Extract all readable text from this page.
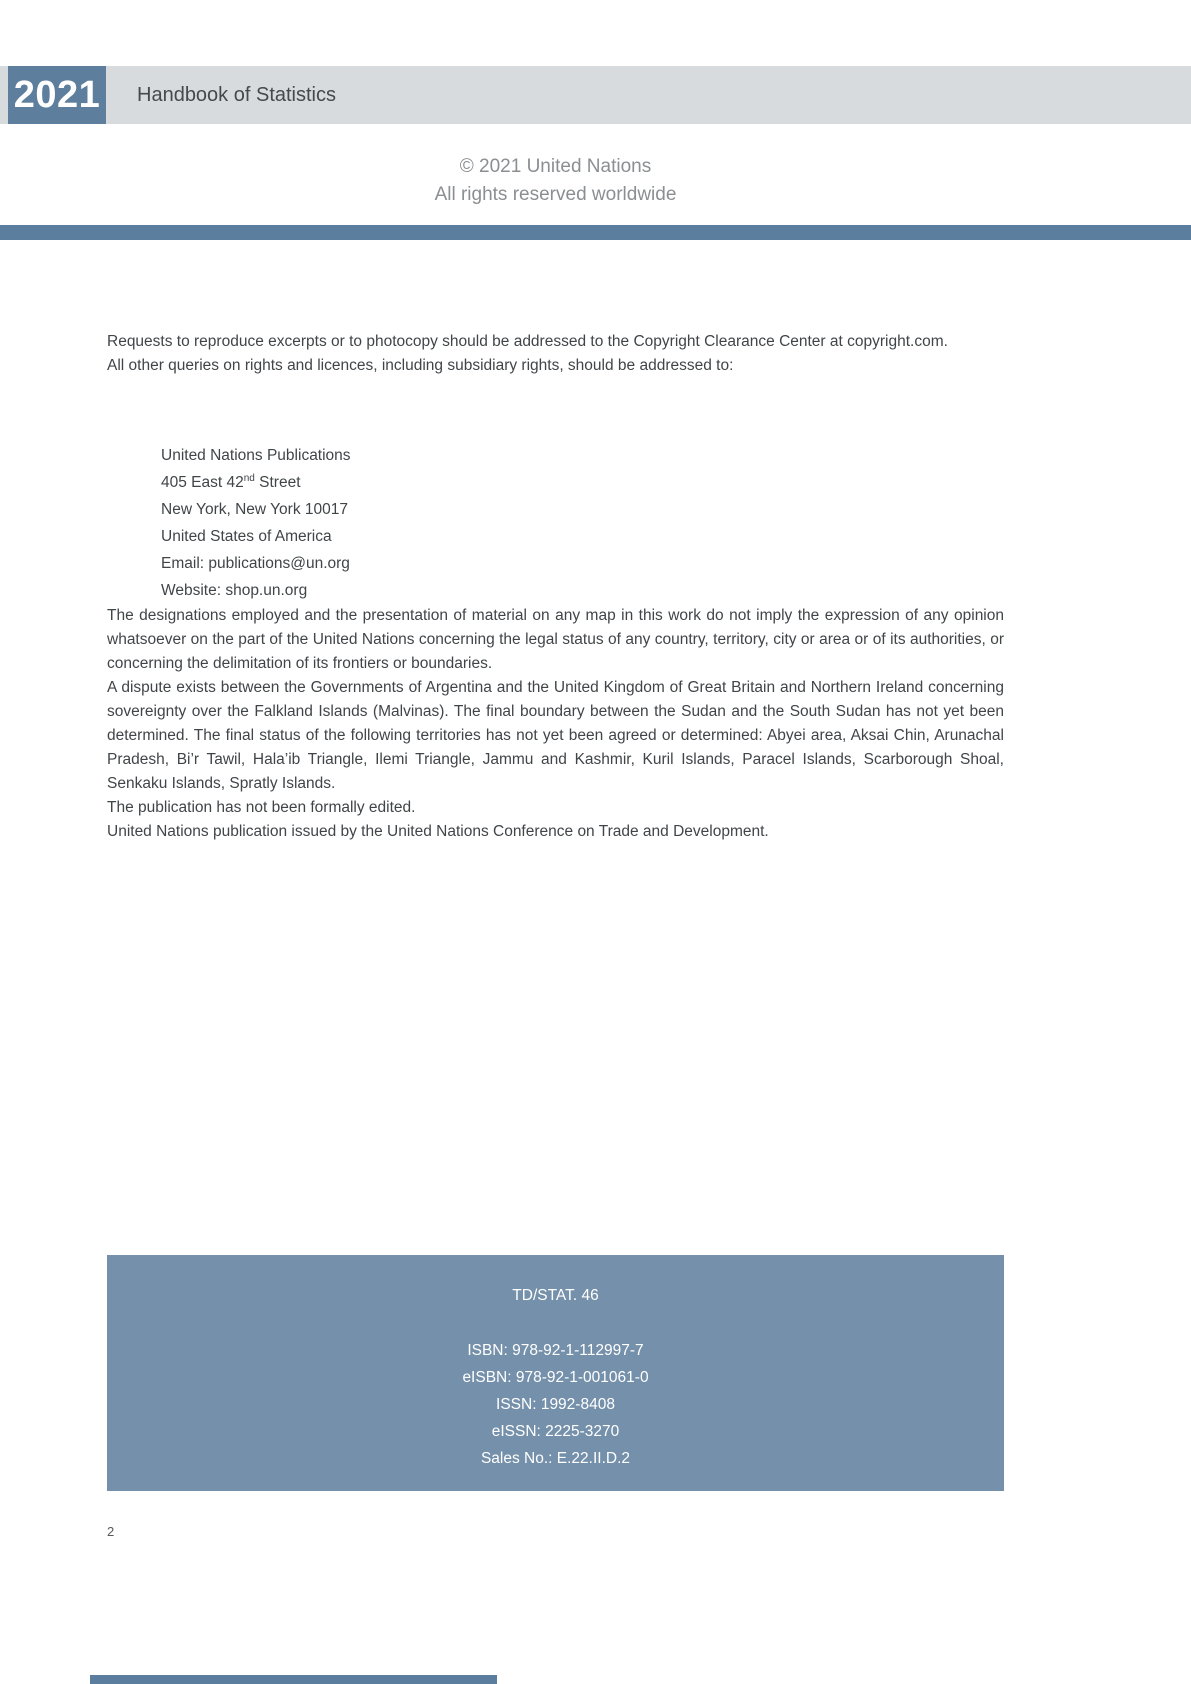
2021 Handbook of Statistics
© 2021 United Nations
All rights reserved worldwide

Requests to reproduce excerpts or to photocopy should be addressed to the Copyright Clearance Center at copyright.com.

All other queries on rights and licences, including subsidiary rights, should be addressed to:

United Nations Publications
405 East 42nd Street
New York, New York 10017
United States of America
Email: publications@un.org
Website: shop.un.org

The designations employed and the presentation of material on any map in this work do not imply the expression of any opinion whatsoever on the part of the United Nations concerning the legal status of any country, territory, city or area or of its authorities, or concerning the delimitation of its frontiers or boundaries.

A dispute exists between the Governments of Argentina and the United Kingdom of Great Britain and Northern Ireland concerning sovereignty over the Falkland Islands (Malvinas). The final boundary between the Sudan and the South Sudan has not yet been determined. The final status of the following territories has not yet been agreed or determined: Abyei area, Aksai Chin, Arunachal Pradesh, Bi’r Tawil, Hala’ib Triangle, Ilemi Triangle, Jammu and Kashmir, Kuril Islands, Paracel Islands, Scarborough Shoal, Senkaku Islands, Spratly Islands.

The publication has not been formally edited.

United Nations publication issued by the United Nations Conference on Trade and Development.

TD/STAT. 46
ISBN: 978-92-1-112997-7
eISBN: 978-92-1-001061-0
ISSN: 1992-8408
eISSN: 2225-3270
Sales No.: E.22.II.D.2
2
